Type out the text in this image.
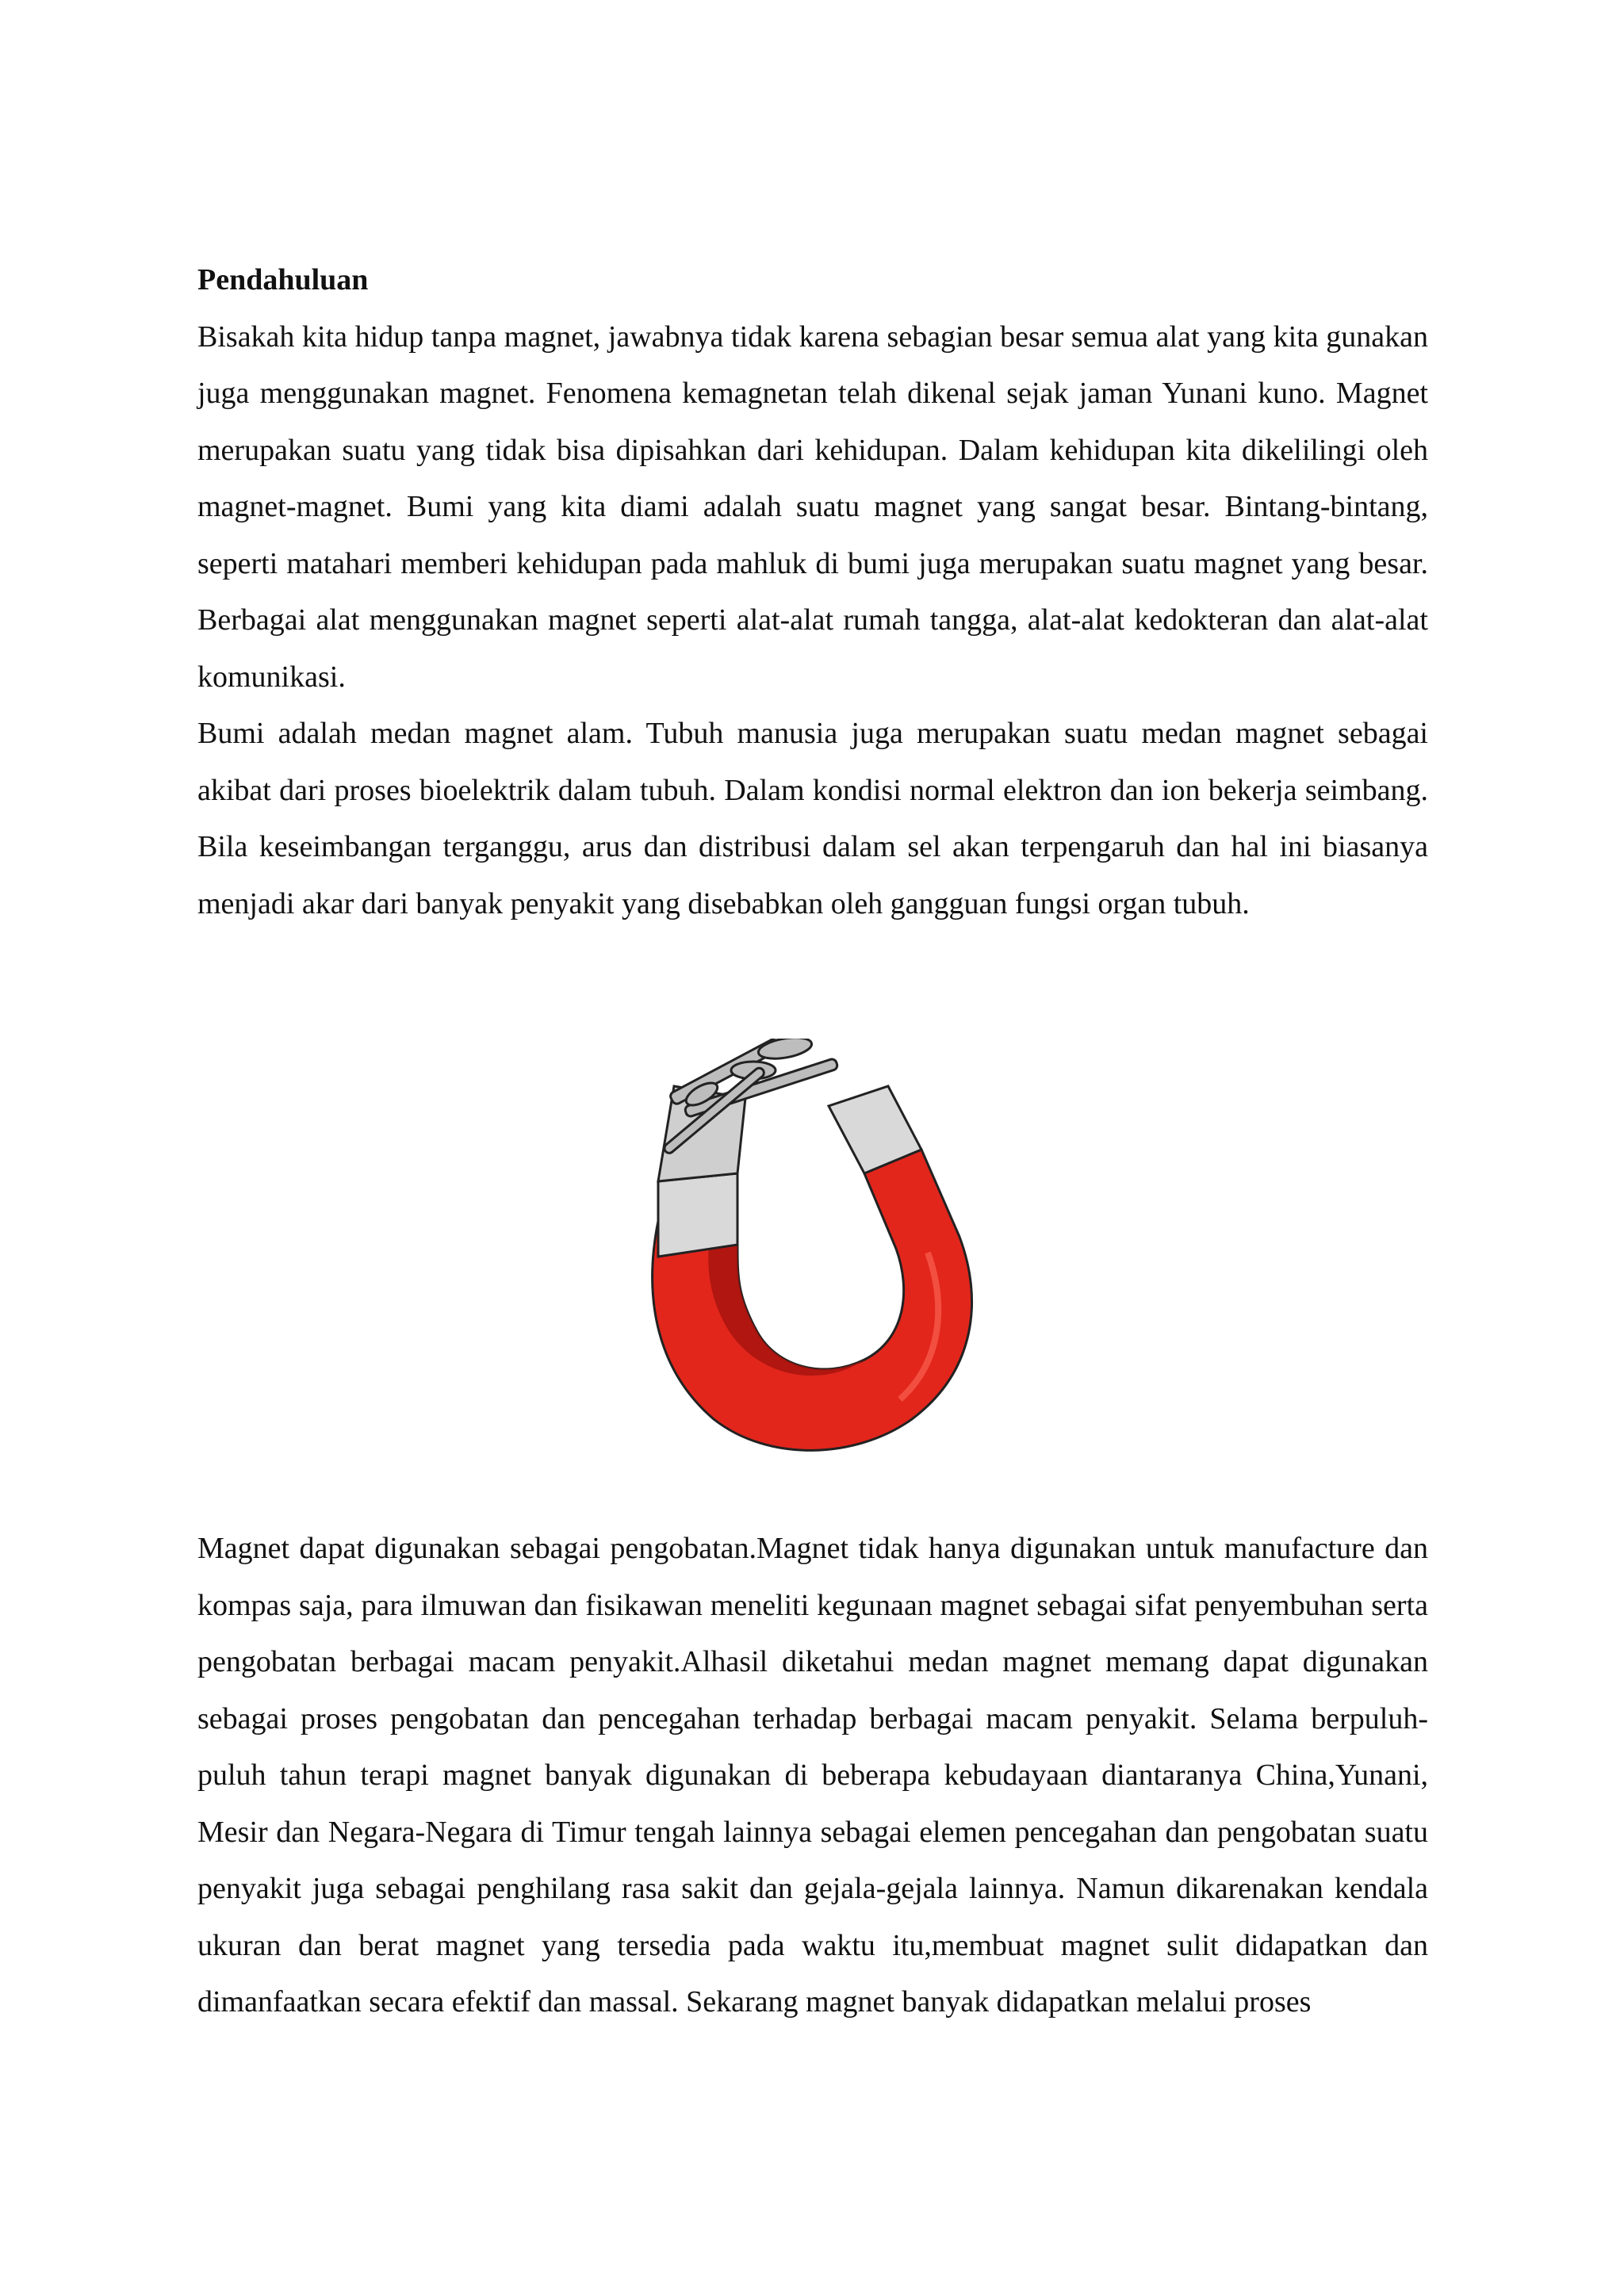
Pendahuluan

Bisakah kita hidup tanpa magnet, jawabnya tidak karena sebagian besar semua alat yang kita gunakan juga menggunakan magnet. Fenomena kemagnetan telah dikenal sejak jaman Yunani kuno. Magnet merupakan suatu yang tidak bisa dipisahkan dari kehidupan. Dalam kehidupan kita dikelilingi oleh magnet-magnet. Bumi yang kita diami adalah suatu magnet yang sangat besar. Bintang-bintang, seperti matahari memberi kehidupan pada mahluk di bumi juga merupakan suatu magnet yang besar. Berbagai alat menggunakan magnet seperti alat-alat rumah tangga, alat-alat kedokteran dan alat-alat komunikasi.

Bumi adalah medan magnet alam. Tubuh manusia juga merupakan suatu medan magnet sebagai akibat dari proses bioelektrik dalam tubuh. Dalam kondisi normal elektron dan ion bekerja seimbang. Bila keseimbangan terganggu, arus dan distribusi dalam sel akan terpengaruh dan hal ini biasanya menjadi akar dari banyak penyakit yang disebabkan oleh gangguan fungsi organ tubuh.

Magnet dapat digunakan sebagai pengobatan.Magnet tidak hanya digunakan untuk manufacture dan kompas saja, para ilmuwan dan fisikawan meneliti kegunaan magnet sebagai sifat penyembuhan serta pengobatan berbagai macam penyakit.Alhasil diketahui medan magnet memang dapat digunakan sebagai proses pengobatan dan pencegahan terhadap berbagai macam penyakit. Selama berpuluh-puluh tahun terapi magnet banyak digunakan di beberapa kebudayaan diantaranya China,Yunani, Mesir dan Negara-Negara di Timur tengah lainnya sebagai elemen pencegahan dan pengobatan suatu penyakit juga sebagai penghilang rasa sakit dan gejala-gejala lainnya. Namun dikarenakan kendala ukuran dan berat magnet yang tersedia pada waktu itu,membuat magnet sulit didapatkan dan dimanfaatkan secara efektif dan massal. Sekarang magnet banyak didapatkan melalui proses
